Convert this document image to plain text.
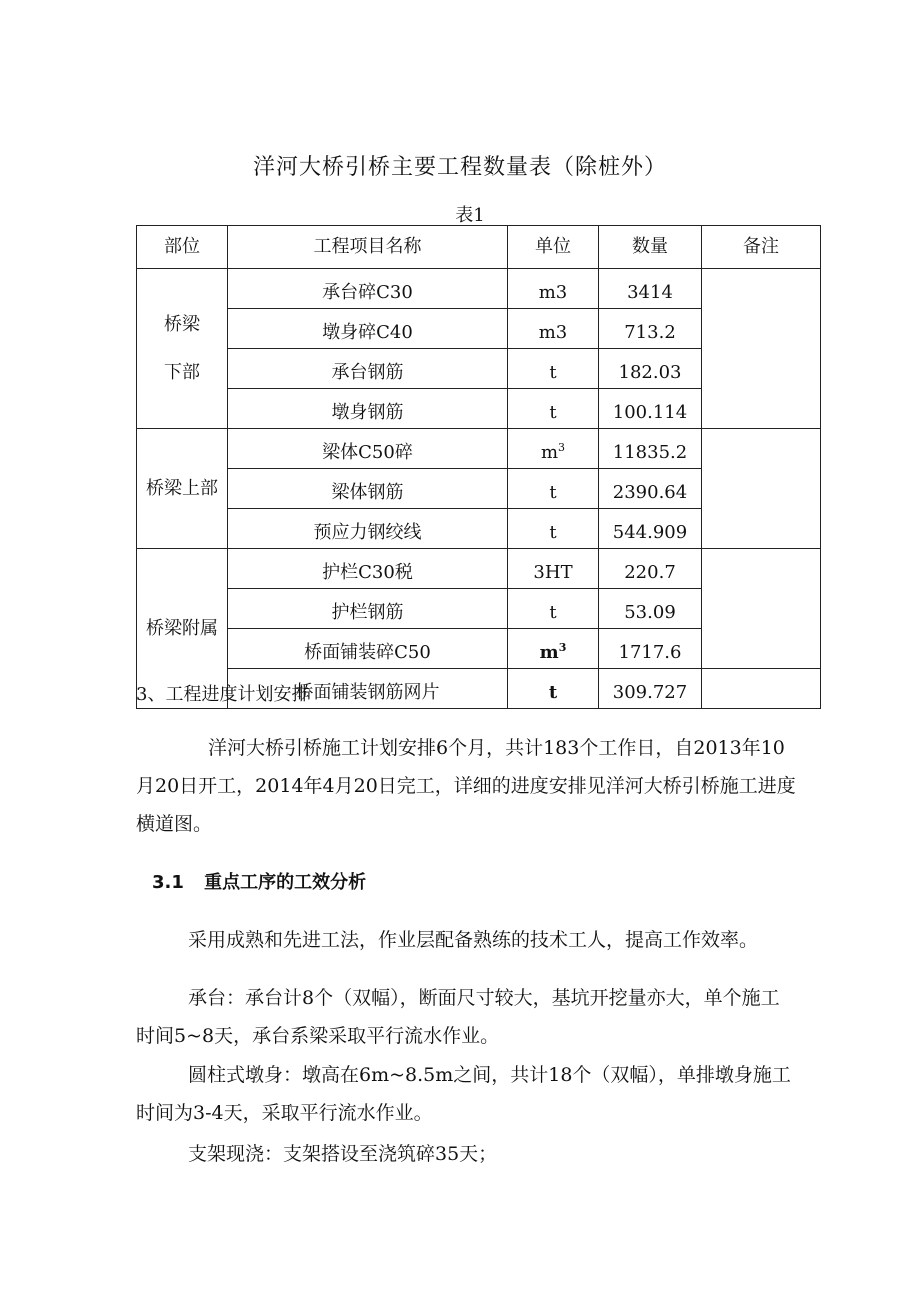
洋河大桥引桥主要工程数量表（除桩外）
表1
部位	工程项目名称	单位	数量	备注

桥梁
下部	承台碎C30	m3	3414	
	墩身碎C40	m3	713.2	
	承台钢筋	t	182.03	
	墩身钢筋	t	100.114	

桥梁上部	梁体C50碎	$m^3$	11835.2	
	梁体钢筋	t	2390.64	
	预应力钢绞线	t	544.909	

桥梁附属	护栏C30税	3HT	220.7	
	护栏钢筋	t	53.09	
	桥面铺装碎C50	$m^3$	1717.6	
	桥面铺装钢筋网片	t	309.727	
3、工程进度计划安排
洋河大桥引桥施工计划安排6个月，共计183个工作日，自2013年10
月20日开工，2014年4月20日完工，详细的进度安排见洋河大桥引桥施工进度
横道图。
3.1 重点工序的工效分析
采用成熟和先进工法，作业层配备熟练的技术工人，提高工作效率。
承台：承台计8个（双幅），断面尺寸较大，基坑开挖量亦大，单个施工
时间5~8天，承台系梁采取平行流水作业。
圆柱式墩身：墩高在6m~8.5m之间，共计18个（双幅），单排墩身施工
时间为3-4天，采取平行流水作业。
支架现浇：支架搭设至浇筑碎35天；
